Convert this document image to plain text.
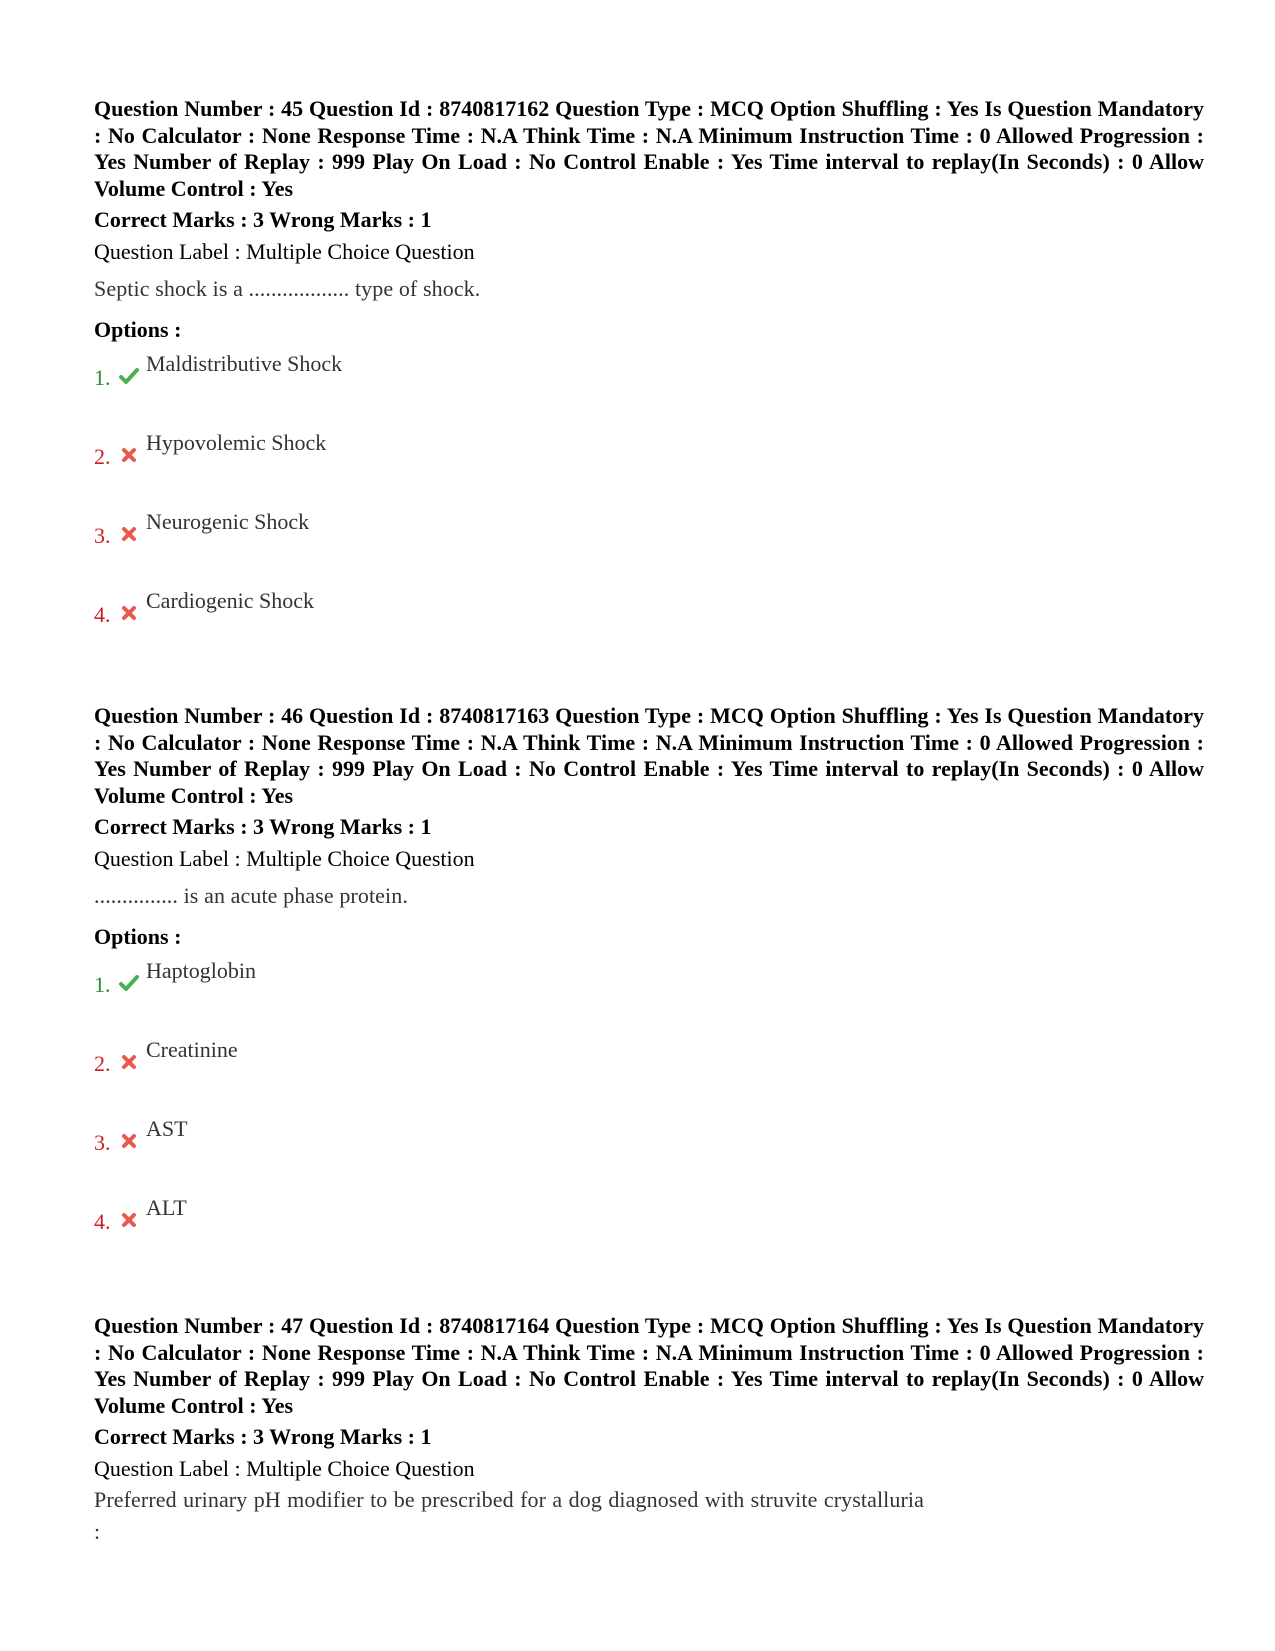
Question Number : 45 Question Id : 8740817162 Question Type : MCQ Option Shuffling : Yes Is Question Mandatory : No Calculator : None Response Time : N.A Think Time : N.A Minimum Instruction Time : 0 Allowed Progression : Yes Number of Replay : 999 Play On Load : No Control Enable : Yes Time interval to replay(In Seconds) : 0 Allow Volume Control : Yes

Correct Marks : 3 Wrong Marks : 1
Question Label : Multiple Choice Question
Septic shock is a .................. type of shock.
Options :
1.
Maldistributive Shock
2.
Hypovolemic Shock
3.
Neurogenic Shock
4.
Cardiogenic Shock

Question Number : 46 Question Id : 8740817163 Question Type : MCQ Option Shuffling : Yes Is Question Mandatory : No Calculator : None Response Time : N.A Think Time : N.A Minimum Instruction Time : 0 Allowed Progression : Yes Number of Replay : 999 Play On Load : No Control Enable : Yes Time interval to replay(In Seconds) : 0 Allow Volume Control : Yes

Correct Marks : 3 Wrong Marks : 1
Question Label : Multiple Choice Question
............... is an acute phase protein.
Options :
1.
Haptoglobin
2.
Creatinine
3.
AST
4.
ALT

Question Number : 47 Question Id : 8740817164 Question Type : MCQ Option Shuffling : Yes Is Question Mandatory : No Calculator : None Response Time : N.A Think Time : N.A Minimum Instruction Time : 0 Allowed Progression : Yes Number of Replay : 999 Play On Load : No Control Enable : Yes Time interval to replay(In Seconds) : 0 Allow Volume Control : Yes

Correct Marks : 3 Wrong Marks : 1
Question Label : Multiple Choice Question
Preferred urinary pH modifier to be prescribed for a dog diagnosed with struvite crystalluria :
